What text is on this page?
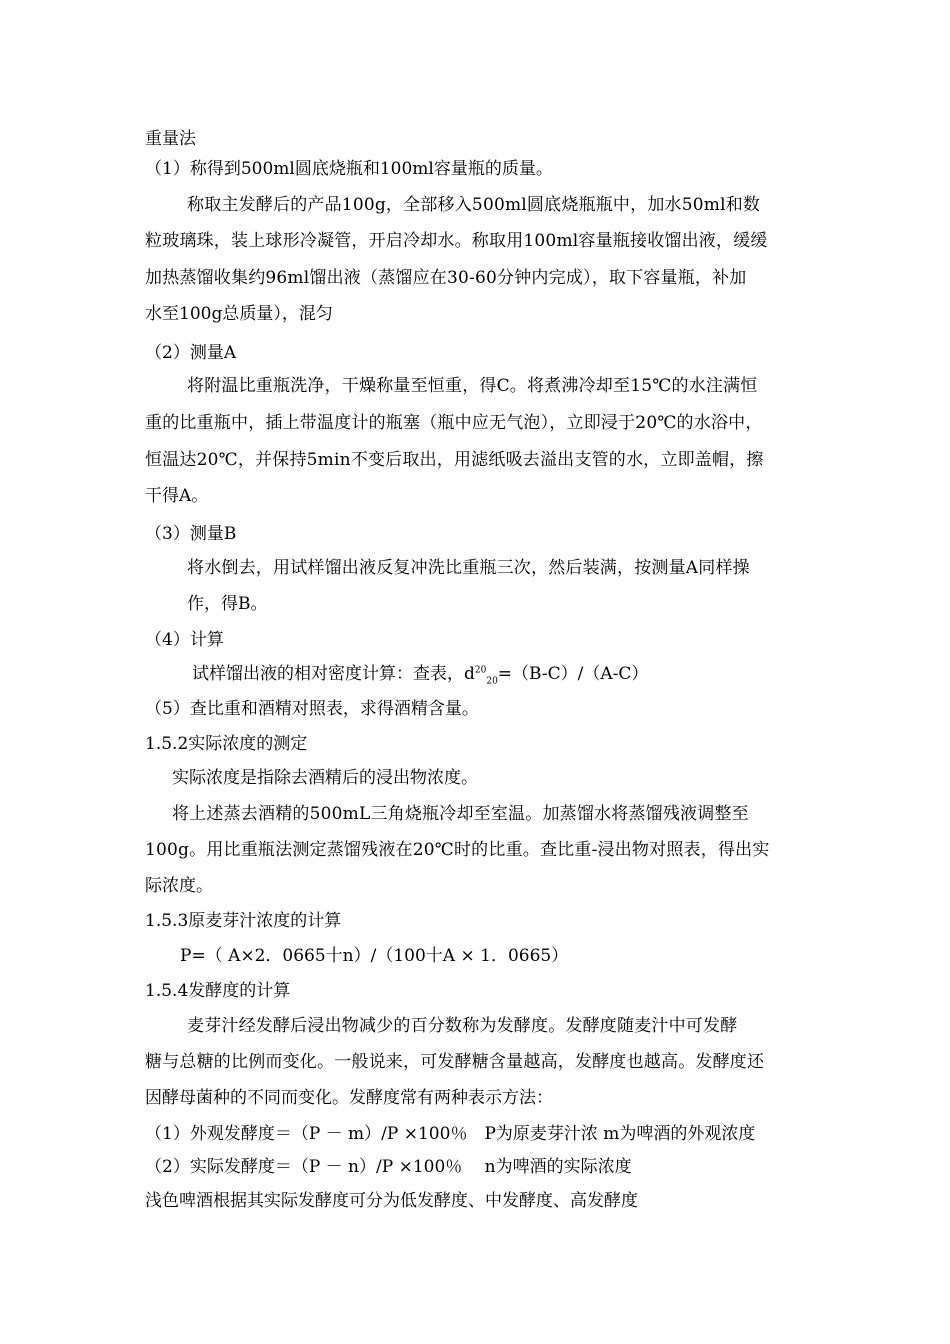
重量法
（1）称得到500ml圆底烧瓶和100ml容量瓶的质量。
称取主发酵后的产品100g，全部移入500ml圆底烧瓶瓶中，加水50ml和数
粒玻璃珠，装上球形冷凝管，开启冷却水。称取用100ml容量瓶接收馏出液，缓缓
加热蒸馏收集约96ml馏出液（蒸馏应在30-60分钟内完成），取下容量瓶，补加
水至100g总质量），混匀
（2）测量A
将附温比重瓶洗净，干燥称量至恒重，得C。将煮沸冷却至15℃的水注满恒
重的比重瓶中，插上带温度计的瓶塞（瓶中应无气泡），立即浸于20℃的水浴中，
恒温达20℃，并保持5min不变后取出，用滤纸吸去溢出支管的水，立即盖帽，擦
干得A。
（3）测量B
将水倒去，用试样馏出液反复冲洗比重瓶三次，然后装满，按测量A同样操
作，得B。
（4）计算
试样馏出液的相对密度计算：查表，$d^{20}_{20}=(B-C)/(A-C)$
（5）查比重和酒精对照表，求得酒精含量。
1.5.2实际浓度的测定
实际浓度是指除去酒精后的浸出物浓度。
将上述蒸去酒精的500mL三角烧瓶冷却至室温。加蒸馏水将蒸馏残液调整至
100g。用比重瓶法测定蒸馏残液在20℃时的比重。查比重-浸出物对照表，得出实
际浓度。
1.5.3原麦芽汁浓度的计算
P=（ A×2．0665十n）/（100十A × 1．0665）
1.5.4发酵度的计算
麦芽汁经发酵后浸出物减少的百分数称为发酵度。发酵度随麦汁中可发酵
糖与总糖的比例而变化。一般说来，可发酵糖含量越高，发酵度也越高。发酵度还
因酵母菌种的不同而变化。发酵度常有两种表示方法：
（1）外观发酵度＝（P － m）/P ×100％　P为原麦芽汁浓 m为啤酒的外观浓度
（2）实际发酵度＝（P － n）/P ×100％　 n为啤酒的实际浓度
浅色啤酒根据其实际发酵度可分为低发酵度、中发酵度、高发酵度
